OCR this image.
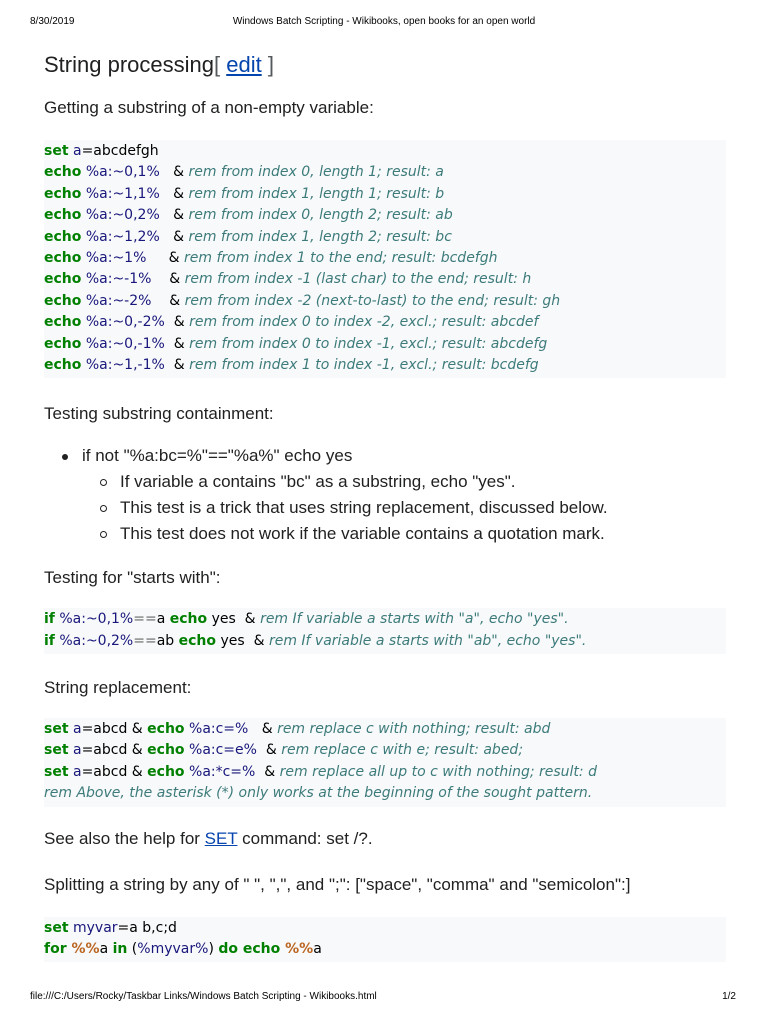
8/30/2019	Windows Batch Scripting - Wikibooks, open books for an open world
String processing[ edit ]

Getting a substring of a non-empty variable:

set a=abcdefgh
echo %a:~0,1%   & rem from index 0, length 1; result: a
echo %a:~1,1%   & rem from index 1, length 1; result: b
echo %a:~0,2%   & rem from index 0, length 2; result: ab
echo %a:~1,2%   & rem from index 1, length 2; result: bc
echo %a:~1%     & rem from index 1 to the end; result: bcdefgh
echo %a:~-1%    & rem from index -1 (last char) to the end; result: h
echo %a:~-2%    & rem from index -2 (next-to-last) to the end; result: gh
echo %a:~0,-2%  & rem from index 0 to index -2, excl.; result: abcdef
echo %a:~0,-1%  & rem from index 0 to index -1, excl.; result: abcdefg
echo %a:~1,-1%  & rem from index 1 to index -1, excl.; result: bcdefg

Testing substring containment:

if not "%a:bc=%"=="%a%" echo yes
If variable a contains "bc" as a substring, echo "yes".
This test is a trick that uses string replacement, discussed below.
This test does not work if the variable contains a quotation mark.

Testing for "starts with":

if %a:~0,1%==a echo yes  & rem If variable a starts with "a", echo "yes".
if %a:~0,2%==ab echo yes  & rem If variable a starts with "ab", echo "yes".

String replacement:

set a=abcd & echo %a:c=%   & rem replace c with nothing; result: abd
set a=abcd & echo %a:c=e%  & rem replace c with e; result: abed;
set a=abcd & echo %a:*c=%  & rem replace all up to c with nothing; result: d
rem Above, the asterisk (*) only works at the beginning of the sought pattern.

See also the help for SET command: set /?.

Splitting a string by any of " ", ",", and ";": ["space", "comma" and "semicolon":]

set myvar=a b,c;d
for %%a in (%myvar%) do echo %%a
file:///C:/Users/Rocky/Taskbar Links/Windows Batch Scripting - Wikibooks.html	1/2
